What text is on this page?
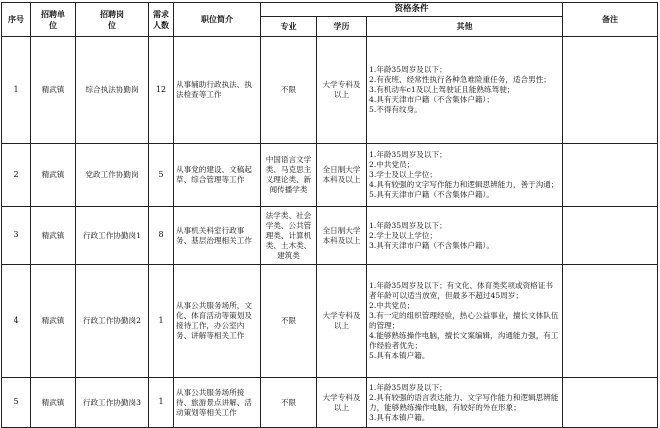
序号	招聘单位	招聘岗位	需求人数	职位简介	资格条件			备注
					专业	学历	其他	
1	精武镇	综合执法协勤岗	12	从事辅助行政执法、执法检查等工作	不限	大学专科及以上	1.年龄35周岁及以下；
2.有夜班、经常性执行各种急难险重任务，适合男性；
3.有机动车c1及以上驾驶证且能熟练驾驶；
4.具有天津市户籍（不含集体户籍）；
5.不得有纹身。	

2	精武镇	党政工作协勤岗	5	从事党的建设、文稿起草、综合管理等工作	中国语言文学类、马克思主义理论类、新闻传播学类	全日制大学本科及以上	1.年龄35周岁及以下；
2.中共党员；
3.学士及以上学位；
4.具有较强的文字写作能力和逻辑思辨能力，善于沟通；
5.具有天津市户籍（不含集体户籍）。	

3	精武镇	行政工作协勤岗1	8	从事机关科室行政事务、基层治理相关工作	法学类、社会学类、公共管理类、计算机类、土木类、建筑类	全日制大学本科及以上	1.年龄35周岁及以下；
2.学士及以上学位；
3.具有天津市户籍（不含集体户籍）。	

4	精武镇	行政工作协勤岗2	1	从事公共服务场所，文化、体育活动等策划及接待工作，办公室内务、讲解等相关工作	不限	大学专科及以上	1.年龄35周岁及以下；有文化、体育类奖项或资格证书者年龄可以适当放宽，但最多不超过45周岁；
2.中共党员；
3.有一定的组织管理经验，热心公益事业，擅长文体队伍的管理；
4.能够熟练操作电脑，擅长文案编辑，沟通能力强，有工作经验者优先；
5.具有本镇户籍。	

5	精武镇	行政工作协勤岗3	1	从事公共服务场所接待、旅游景点讲解、活动策划等相关工作	不限	大学专科及以上	1.年龄35周岁及以下；
2.具有较强的语言表达能力、文字写作能力和逻辑思辨能力，能够熟练操作电脑，有较好的外在形象；
3.具有本镇户籍。	
